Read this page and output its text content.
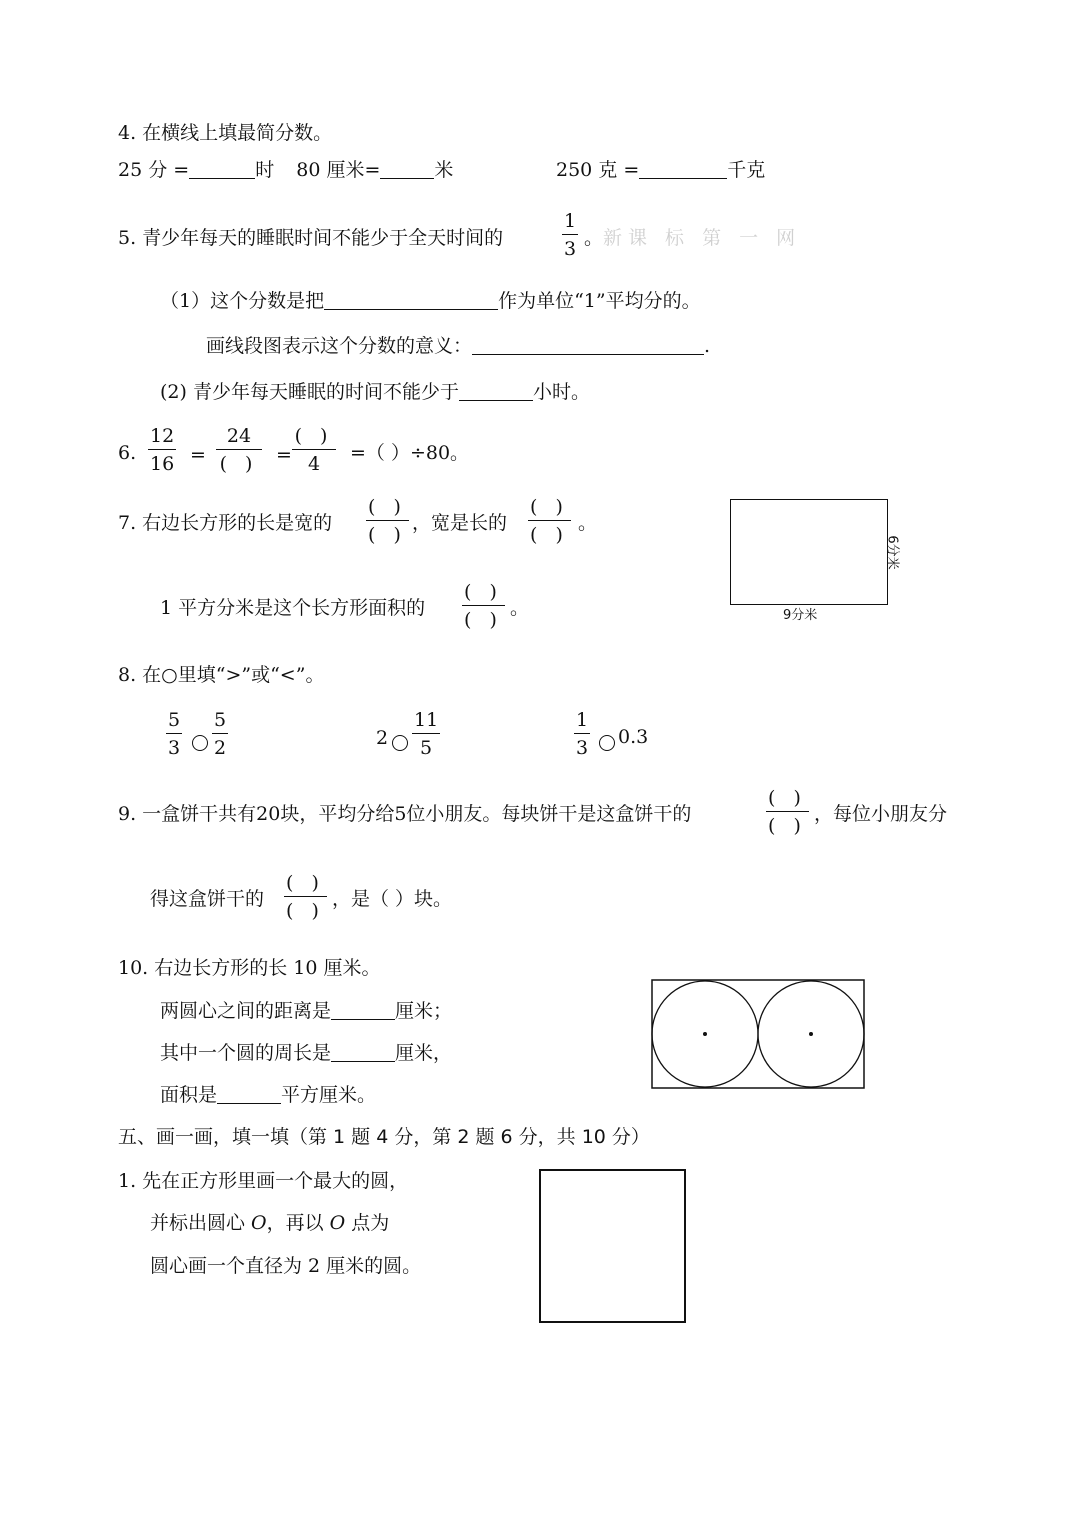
4. 在横线上填最简分数。
25 分 =	时 80 厘米=	米	250 克 =	千克
5. 青少年每天的睡眠时间不能少于全天时间的
1
3 。新课 标 第 一 网
（1）这个分数是把	作为单位“1”平均分的。
画线段图表示这个分数的意义：	.
(2) 青少年每天睡眠的时间不能少于	小时。
6.
12
16 =
24
( ) =
( )
4 =（ ）÷80。
7. 右边长方形的长是宽的
( )
( )
，宽是长的
( )
( )
。
1 平方分米是这个长方形面积的
( )
( )
。	9分米
6分米
8. 在○里填“>”或“<”。
5
3
5
2	2
11
5
1
3 0.3
9. 一盒饼干共有20块，平均分给5位小朋友。每块饼干是这盒饼干的
( )
( )
，每位小朋友分
得这盒饼干的
( )
( )
，是（ ）块。
10. 右边长方形的长 10 厘米。
两圆心之间的距离是	厘米；
其中一个圆的周长是	厘米，
面积是	平方厘米。
五、画一画，填一填（第 1 题 4 分，第 2 题 6 分，共 10 分）
1. 先在正方形里画一个最大的圆，
并标出圆心 O，再以 O 点为
圆心画一个直径为 2 厘米的圆。
